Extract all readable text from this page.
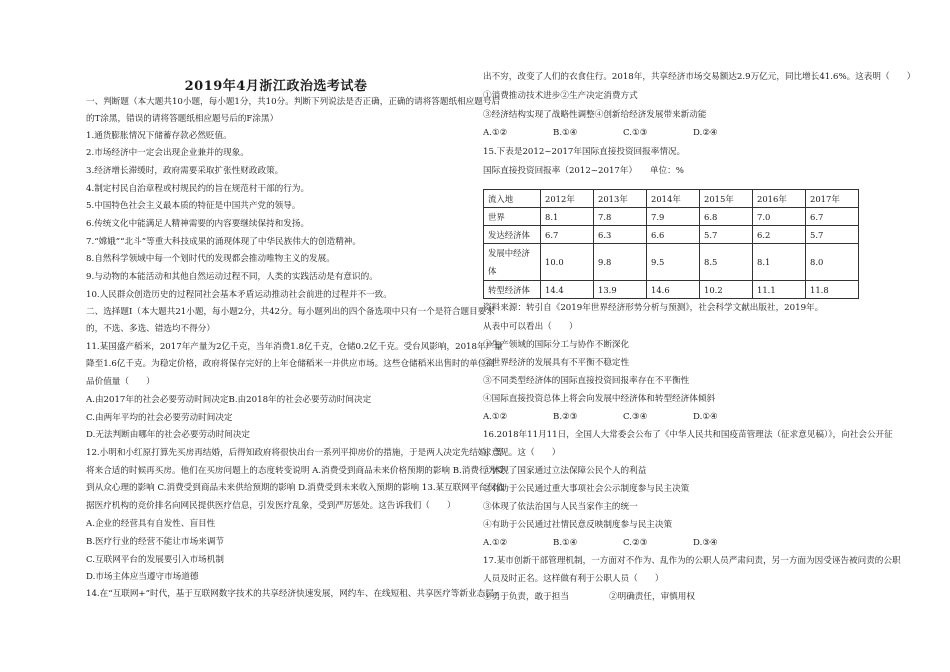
2019年4月浙江政治选考试卷
一、判断题（本大题共10小题，每小题1分，共10分。判断下列说法是否正确，正确的请将答题纸相应题号后
的T涂黑，错误的请将答题纸相应题号后的F涂黑）
1.通货膨胀情况下储蓄存款必然贬值。
2.市场经济中一定会出现企业兼并的现象。
3.经济增长滞缓时，政府需要采取扩张性财政政策。
4.制定村民自治章程或村规民约的旨在规范村干部的行为。
5.中国特色社会主义最本质的特征是中国共产党的领导。
6.传统文化中能满足人精神需要的内容要继续保持和发扬。
7.“嫦娥”“北斗”等重大科技成果的涌现体现了中华民族伟大的创造精神。
8.自然科学领域中每一个划时代的发现都会推动唯物主义的发展。
9.与动物的本能活动和其他自然运动过程不同，人类的实践活动是有意识的。
10.人民群众创造历史的过程同社会基本矛盾运动推动社会前进的过程并不一致。
二、选择题I（本大题共21小题，每小题2分，共42分。每小题列出的四个备选项中只有一个是符合题目要求
的，不选、多选、错选均不得分）
11.某国盛产稻米，2017年产量为2亿千克，当年消费1.8亿千克，仓储0.2亿千克。受台风影响，2018年产量
降至1.6亿千克。为稳定价格，政府将保存完好的上年仓储稻米一并供应市场。这些仓储稻米出售时的单位商
品价值量（　　）
A.由2017年的社会必要劳动时间决定B.由2018年的社会必要劳动时间决定
C.由两年平均的社会必要劳动时间决定
D.无法判断由哪年的社会必要劳动时间决定
12.小明和小红原打算先买房再结婚，后得知政府将很快出台一系列平抑房价的措施，于是两人决定先结婚，等
将来合适的时候再买房。他们在买房问题上的态度转变说明 A.消费受到商品未来价格预期的影响 B.消费行为受
到从众心理的影响 C.消费受到商品未来供给预期的影响 D.消费受到未来收入预期的影响 13.某互联网平台仅依
据医疗机构的竞价排名向网民提供医疗信息，引发医疗乱象，受到严厉惩处。这告诉我们（　　）
A.企业的经营具有自发性、盲目性
B.医疗行业的经营不能让市场来调节
C.互联网平台的发展要引入市场机制
D.市场主体应当遵守市场道德
14.在“互联网+”时代，基于互联网数字技术的共享经济快速发展，网约车、在线短租、共享医疗等新业态层
出不穷，改变了人们的衣食住行。2018年，共享经济市场交易额达2.9万亿元，同比增长41.6%。这表明（　　）
①消费推动技术进步②生产决定消费方式
③经济结构实现了战略性调整④创新给经济发展带来新动能
A.①②	B.①④	C.①③	D.②④
15.下表是2012~2017年国际直接投资回报率情况。
国际直接投资回报率（2012~2017年）　　单位：%
流入地	2012年	2013年	2014年	2015年	2016年	2017年
世界	8.1	7.8	7.9	6.8	7.0	6.7
发达经济体	6.7	6.3	6.6	5.7	6.2	5.7
发展中经济体	10.0	9.8	9.5	8.5	8.1	8.0
转型经济体	14.4	13.9	14.6	10.2	11.1	11.8
资料来源：转引自《2019年世界经济形势分析与预测》，社会科学文献出版社，2019年。
从表中可以看出（　　）
①生产领域的国际分工与协作不断深化
②世界经济的发展具有不平衡不稳定性
③不同类型经济体的国际直接投资回报率存在不平衡性
④国际直接投资总体上将会向发展中经济体和转型经济体倾斜
A.①②	B.②③	C.③④	D.①④
16.2018年11月11日，全国人大常委会公布了《中华人民共和国疫苗管理法（征求意见稿）》，向社会公开征
求意见。这（　　）
①体现了国家通过立法保障公民个人的利益
②有助于公民通过重大事项社会公示制度参与民主决策
③体现了依法治国与人民当家作主的统一
④有助于公民通过社情民意反映制度参与民主决策
A.①②	B.①④	C.②③	D.③④
17.某市创新干部管理机制，一方面对不作为、乱作为的公职人员严肃问责，另一方面为因受诬告被问责的公职
人员及时正名。这样做有利于公职人员（　　）
①勇于负责，敢于担当	②明确责任，审慎用权
